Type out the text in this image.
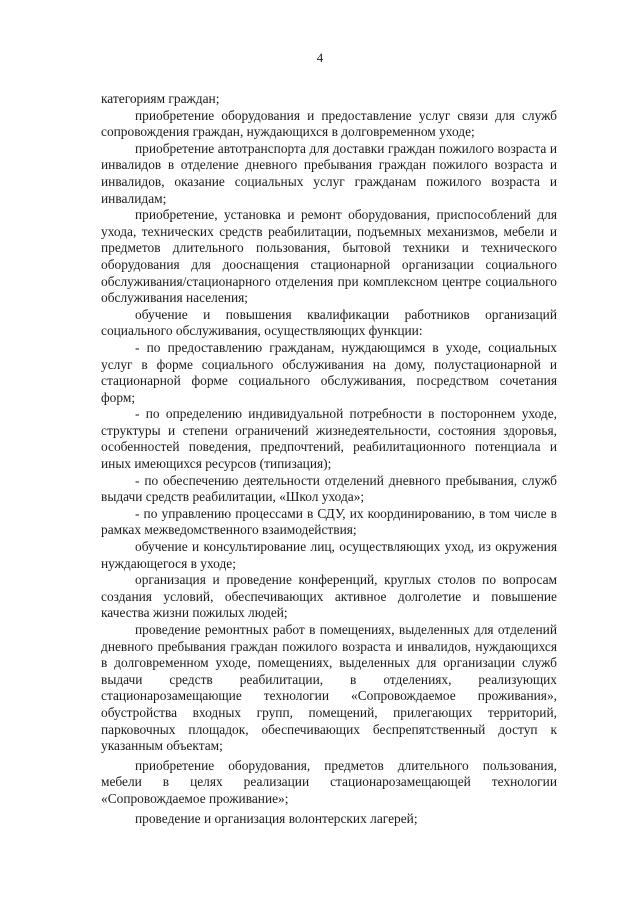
4

категориям граждан;

приобретение оборудования и предоставление услуг связи для служб сопровождения граждан, нуждающихся в долговременном уходе;

приобретение автотранспорта для доставки граждан пожилого возраста и инвалидов в отделение дневного пребывания граждан пожилого возраста и инвалидов, оказание социальных услуг гражданам пожилого возраста и инвалидам;

приобретение, установка и ремонт оборудования, приспособлений для ухода, технических средств реабилитации, подъемных механизмов, мебели и предметов длительного пользования, бытовой техники и технического оборудования для дооснащения стационарной организации социального обслуживания/стационарного отделения при комплексном центре социального обслуживания населения;

обучение и повышения квалификации работников организаций социального обслуживания, осуществляющих функции:

- по предоставлению гражданам, нуждающимся в уходе, социальных услуг в форме социального обслуживания на дому, полустационарной и стационарной форме социального обслуживания, посредством сочетания форм;

- по определению индивидуальной потребности в постороннем уходе, структуры и степени ограничений жизнедеятельности, состояния здоровья, особенностей поведения, предпочтений, реабилитационного потенциала и иных имеющихся ресурсов (типизация);

- по обеспечению деятельности отделений дневного пребывания, служб выдачи средств реабилитации, «Школ ухода»;

- по управлению процессами в СДУ, их координированию, в том числе в рамках межведомственного взаимодействия;

обучение и консультирование лиц, осуществляющих уход, из окружения нуждающегося в уходе;

организация и проведение конференций, круглых столов по вопросам создания условий, обеспечивающих активное долголетие и повышение качества жизни пожилых людей;

проведение ремонтных работ в помещениях, выделенных для отделений дневного пребывания граждан пожилого возраста и инвалидов, нуждающихся в долговременном уходе, помещениях, выделенных для организации служб выдачи средств реабилитации, в отделениях, реализующих стационарозамещающие технологии «Сопровождаемое проживания», обустройства входных групп, помещений, прилегающих территорий, парковочных площадок, обеспечивающих беспрепятственный доступ к указанным объектам;

приобретение оборудования, предметов длительного пользования, мебели в целях реализации стационарозамещающей технологии «Сопровождаемое проживание»;

проведение и организация волонтерских лагерей;
